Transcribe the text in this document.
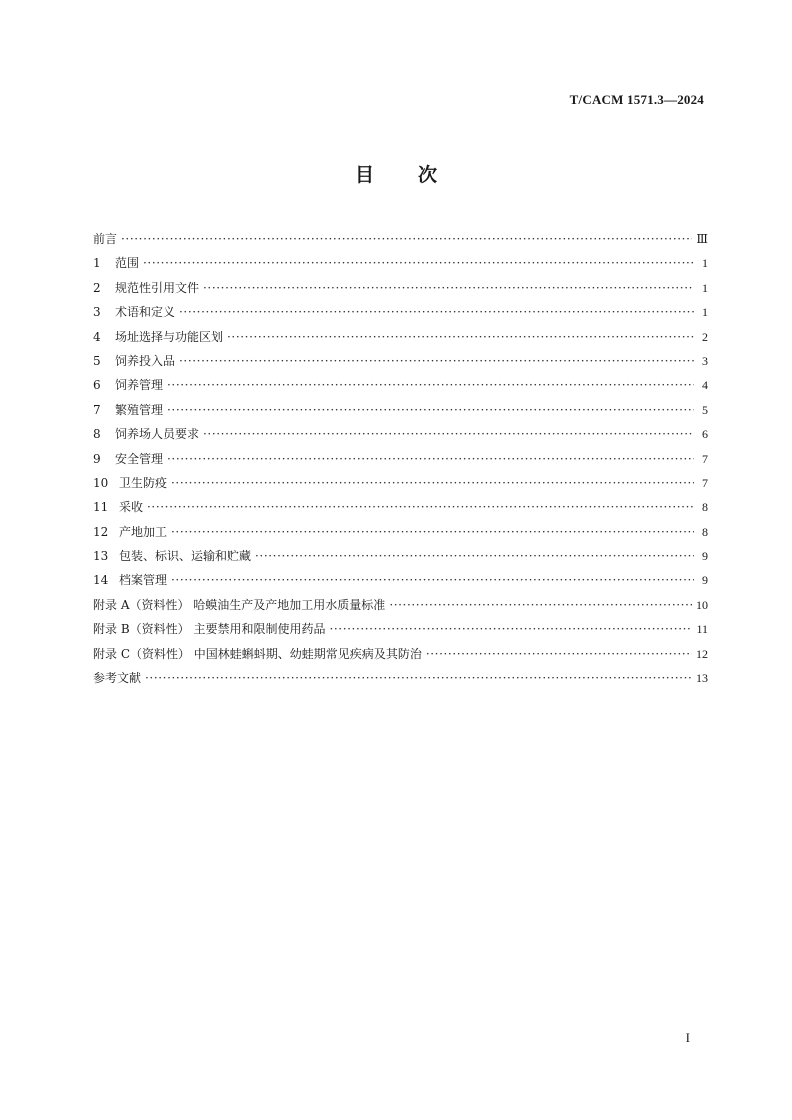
T/CACM 1571.3—2024
目次
前言 ·····	Ⅲ
1	范围 ·····	1
2	规范性引用文件 ·····	1
3	术语和定义 ·····	1
4	场址选择与功能区划 ·····	2
5	饲养投入品 ·····	3
6	饲养管理 ·····	4
7	繁殖管理 ·····	5
8	饲养场人员要求 ·····	6
9	安全管理 ·····	7
10 卫生防疫 ·····	7
11 采收 ·····	8
12 产地加工 ·····	8
13 包装、标识、运输和贮藏 ·····	9
14 档案管理 ·····	9
附录 A（资料性） 哈蟆油生产及产地加工用水质量标准 ·····	10
附录 B（资料性） 主要禁用和限制使用药品 ·····	11
附录 C（资料性） 中国林蛙蝌蚪期、幼蛙期常见疾病及其防治 ·····	12
参考文献 ·····	13
I
